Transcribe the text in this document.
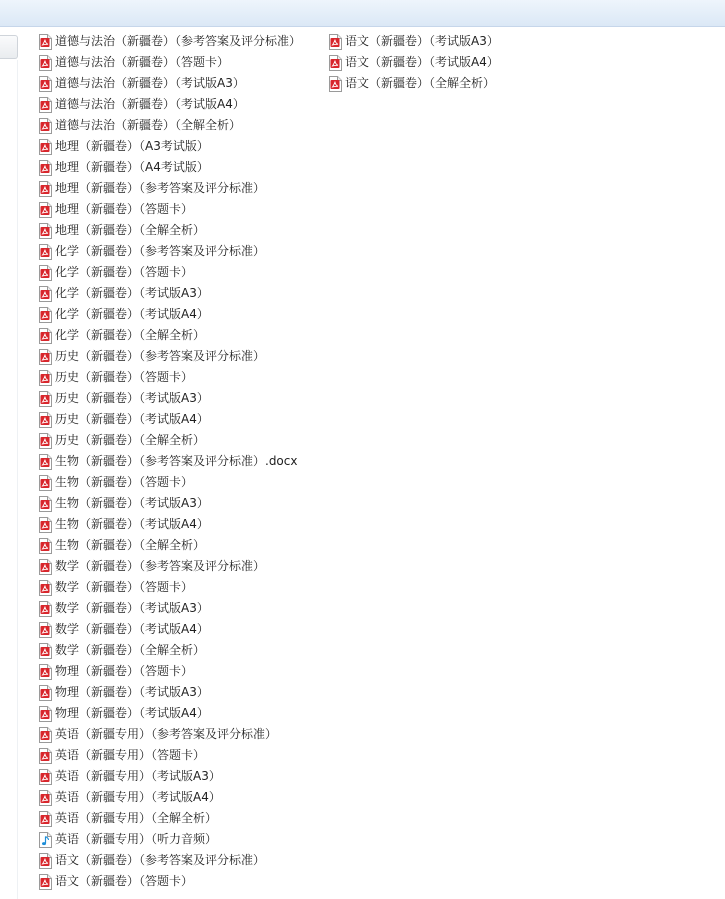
道德与法治（新疆卷）（参考答案及评分标准）
道德与法治（新疆卷）（答题卡）
道德与法治（新疆卷）（考试版A3）
道德与法治（新疆卷）（考试版A4）
道德与法治（新疆卷）（全解全析）
地理（新疆卷）（A3考试版）
地理（新疆卷）（A4考试版）
地理（新疆卷）（参考答案及评分标准）
地理（新疆卷）（答题卡）
地理（新疆卷）（全解全析）
化学（新疆卷）（参考答案及评分标准）
化学（新疆卷）（答题卡）
化学（新疆卷）（考试版A3）
化学（新疆卷）（考试版A4）
化学（新疆卷）（全解全析）
历史（新疆卷）（参考答案及评分标准）
历史（新疆卷）（答题卡）
历史（新疆卷）（考试版A3）
历史（新疆卷）（考试版A4）
历史（新疆卷）（全解全析）
生物（新疆卷）（参考答案及评分标准）.docx
生物（新疆卷）（答题卡）
生物（新疆卷）（考试版A3）
生物（新疆卷）（考试版A4）
生物（新疆卷）（全解全析）
数学（新疆卷）（参考答案及评分标准）
数学（新疆卷）（答题卡）
数学（新疆卷）（考试版A3）
数学（新疆卷）（考试版A4）
数学（新疆卷）（全解全析）
物理（新疆卷）（答题卡）
物理（新疆卷）（考试版A3）
物理（新疆卷）（考试版A4）
英语（新疆专用）（参考答案及评分标准）
英语（新疆专用）（答题卡）
英语（新疆专用）（考试版A3）
英语（新疆专用）（考试版A4）
英语（新疆专用）（全解全析）
英语（新疆专用）（听力音频）
语文（新疆卷）（参考答案及评分标准）
语文（新疆卷）（答题卡）
语文（新疆卷）（考试版A3）
语文（新疆卷）（考试版A4）
语文（新疆卷）（全解全析）
